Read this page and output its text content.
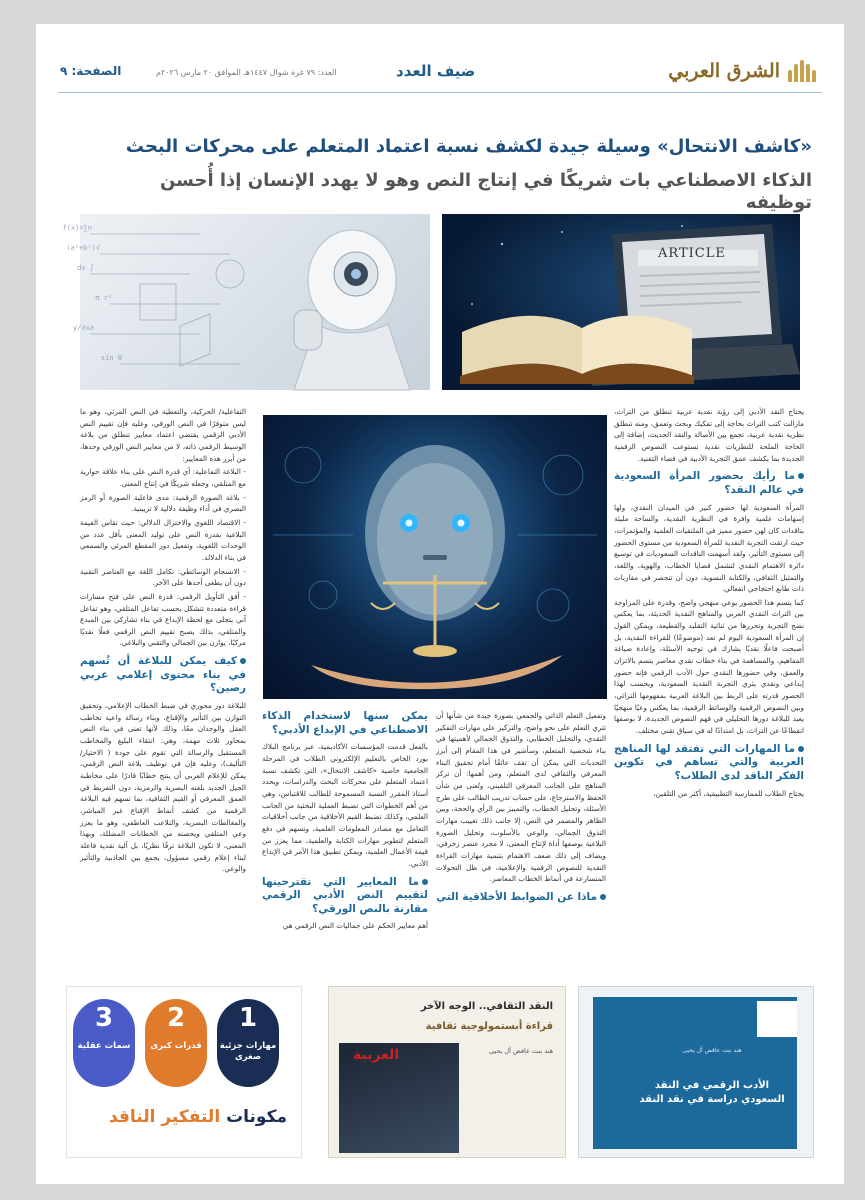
الشرق العربي
ضيف العدد
العدد: ٧٩ غرة شوال ١٤٤٧هـ الموافق ٢٠ مارس ٢٠٢٦م
الصفحة: ٩
«كاشف الانتحال» وسيلة جيدة لكشف نسبة اعتماد المتعلم على محركات البحث
الذكاء الاصطناعي بات شريكًا في إنتاج النص وهو لا يهدد الإنسان إذا أُحسن توظيفه
ARTICLE
f(x)=∑n
√(a²+b²)
∫ dx
π r²
∂y/∂x
sin θ

يحتاج النقد الأدبي إلى رؤية نقدية عربية تنطلق من التراث، مازالت كتب التراث بحاجة إلى تفكيك وبحث وتعمق، ومنه تنطلق نظرية نقدية عربية، تجمع بين الأصالة والنقد الحديث، إضافة إلى الحاجة الملحة للنظريات نقدية تستوعب النصوص الرقمية الجديدة بما يكشف عمق التجربة الأدبية في فضاء التقنية.

ما رأيك بحضور المرأة السعودية في عالم النقد؟

المرأة السعودية لها حضور كبير في الميدان النقدي، ولها إسهامات علمية وافرة في النظرية النقدية، والساحة مليئة بناقدات كان لهن حضور مميز في الملتقيات العلمية والمؤتمرات، حيث ارتقت التجربة النقدية للمرأة السعودية من مستوى الحضور إلى مستوى التأثير، ولقد أسهمت الناقدات السعوديات في توسيع دائرة الاهتمام النقدي لتشمل قضايا الخطاب، والهوية، واللغة، والتمثيل الثقافي، والكتابة النسوية، دون أن تنحصر في مقاربات ذات طابع احتجاجي انفعالي.

كما يتسم هذا الحضور بوعي منهجي واضح، وقدرة على المزاوجة بين التراث النقدي العربي والمناهج النقدية الحديثة، بما يعكس نضج التجربة وتحررها من ثنائية التقليد والقطيعة، ويمكن القول إن المرأة السعودية اليوم لم تعد (موضوعًا) للقراءة النقدية، بل أصبحت فاعلًا نقديًا يشارك في توجيه الأسئلة، وإعادة صياغة المفاهيم، والمساهمة في بناء خطاب نقدي معاصر يتسم بالاتزان والعمق، وفي حضورها النقدي حول الأدب الرقمي فإنه حضور إبداعي ونقدي يثري التجربة النقدية السعودية، ويحسب لهذا الحضور قدرته على الربط بين البلاغة العربية بمفهومها التراثي، وبين النصوص الرقمية والوسائط الرقمية، بما يعكس وعيًا منهجيًا يعيد للبلاغة دورها التحليلي في فهم النصوص الجديدة، لا بوصفها انقطاعًا عن التراث، بل امتدادًا له في سياق تقني مختلف.

ما المهارات التي تفتقد لها المناهج العربية والتي تساهم في تكوين الفكر الناقد لدى الطلاب؟

يحتاج الطلاب للممارسة التطبيقية، أكثر من التلقين،

وتفعيل التعلم الذاتي والجمعي بصورة جيدة من شأنها أن تثري التعلم على نحو واضح، والتركيز على مهارات التفكير النقدي، والتحليل الخطابي، والتذوق الجمالي لأهميتها في بناء شخصية المتعلم، وسأشير في هذا المقام إلى أبرز التحديات التي يمكن أن تقف عائقًا أمام تحقيق البناء المعرفي والثقافي لدى المتعلم، ومن أهمها: أن تركز المناهج على الجانب المعرفي التلقيني، وتُعنى من شأن الحفظ والاسترجاع، على حساب تدريب الطالب على طرح الأسئلة، وتحليل الخطاب، والتمييز بين الرأي والحجة، وبين الظاهر والمضمر في النص، إلا جانب ذلك تغييب مهارات التذوق الجمالي، والوعي بالأسلوب، وتحليل الصورة البلاغية بوصفها أداة لإنتاج المعنى، لا مجرد عنصر زخرفي، ويضاف إلى ذلك ضعف الاهتمام بتنمية مهارات القراءة النقدية للنصوص الرقمية والإعلامية، في ظل التحولات المتسارعة في أنماط الخطاب المعاصر.

ماذا عن الضوابط الأخلاقية التي
يمكن سنها لاستخدام الذكاء الاصطناعي في الإبداع الأدبي؟

بالفعل قدمت المؤسسات الأكاديمية، عبر برنامج البلاك بورد الخاص بالتعليم الإلكتروني الطلاب في المرحلة الجامعية خاصية «كاشف الانتحال»، التي تكشف نسبة اعتماد المتعلم على محركات البحث والدراسات، ويحدد أستاذ المقرر النسبة المسموحة للطالب للاقتباس، وهي من أهم الخطوات التي تضبط العملية البحثية من الجانب العلمي، وكذلك تضبط القيم الأخلاقية من جانب أخلاقيات التعامل مع مصادر المعلومات العلمية، وتسهم في دفع المتعلم لتطوير مهارات الكتابة والعلمية، مما يعزز من قيمة الأعمال العلمية، ويمكن تطبيق هذا الأمر في الإبداع الأدبي.

ما المعايير التي تقترحينها لتقييم النص الأدبي الرقمي مقارنة بالنص الورقي؟

أهم معايير الحكم على جماليات النص الرقمي هي

التفاعلية/ الحركية، والتعطية في النص المرئي، وهو ما ليس متوفرًا في النص الورقي، وعليه فإن تقييم النص الأدبي الرقمي يقتضي اعتماد معايير تنطلق من بلاغة الوسيط الرقمي ذاته، لا من معايير النص الورقي وحدها، من أبرز هذه المعايير:

- البلاغة التفاعلية: أي قدرة النص على بناء علاقة حوارية مع المتلقي، وجعله شريكًا في إنتاج المعنى.

- بلاغة الصورة الرقمية: مدى فاعلية الصورة أو الرمز البصري في أداء وظيفة دلالية لا تزيينية.

- الاقتصاد اللغوي والاختزال الدلالي: حيث تقاس القيمة البلاغية بقدرة النص على توليد المعنى بأقل عدد من الوحدات اللغوية، وتفعيل دور المقطع المرئي والسمعي في بناء الدلالة.

- الانسجام الوسائطي: تكامل اللغة مع العناصر التقنية دون أن يطغى أحدها على الآخر.

- أفق التأويل الرقمي: قدرة النص على فتح مسارات قراءة متعددة تتشكل بحسب تفاعل المتلقي، وهو تفاعل آني يتجلى مع لحظة الإبداع في بناء تشاركي بين المبدع والمتلقي، بذلك يصبح تقييم النص الرقمي فعلًا نقديًا مركبًا، يوازن بين الجمالي والتقني والبلاغي.

كيف يمكن للبلاغة أن تُسهم في بناء محتوى إعلامي عربي رصين؟

للبلاغة دور محوري في ضبط الخطاب الإعلامي، وتحقيق التوازن بين التأثير والإقناع، وبناء رسالة واعية تخاطب العقل والوجدان معًا، وذلك لأنها تعنى في بناء النص بمحاور ثلاث مهمة، وهي: انتقاء البليغ والمخاطب المستقبل والرسالة التي تقوم على جودة ( الاختيار/ التأليف)، وعليه فإن في توظيف بلاغة النص الرقمي، يمكن للإعلام العربي أن ينتج خطابًا قادرًا على مخاطبة الجيل الجديد بلغته البصرية والرمزية، دون التفريط في العمق المعرفي أو القيم الثقافية، بما تسهم فيه البلاغة الرقمية من كشف أنماط الإقناع غير المباشر، والمغالطات البصرية، والتلاعب العاطفي، وهو ما يعزز وعي المتلقي ويحصنه من الخطابات المضللة، وبهذا المعنى، لا تكون البلاغة ترفًا نظريًا، بل آلية نقدية فاعلة لبناء إعلام رقمي مسؤول، يجمع بين الجاذبية والتأثير والوعي.

هند بنت عافض آل يحيى
الأدب الرقمي في النقد السعودي دراسة في نقد النقد
النقد الثقافي.. الوجه الآخر
قراءة أبستمولوجية ثقافية
هند بنت عافض آل يحيى
العربية
1
مهارات جزئية صغرى
2
قدرات كبرى
3
سمات عقلية
مكونات التفكير الناقد
